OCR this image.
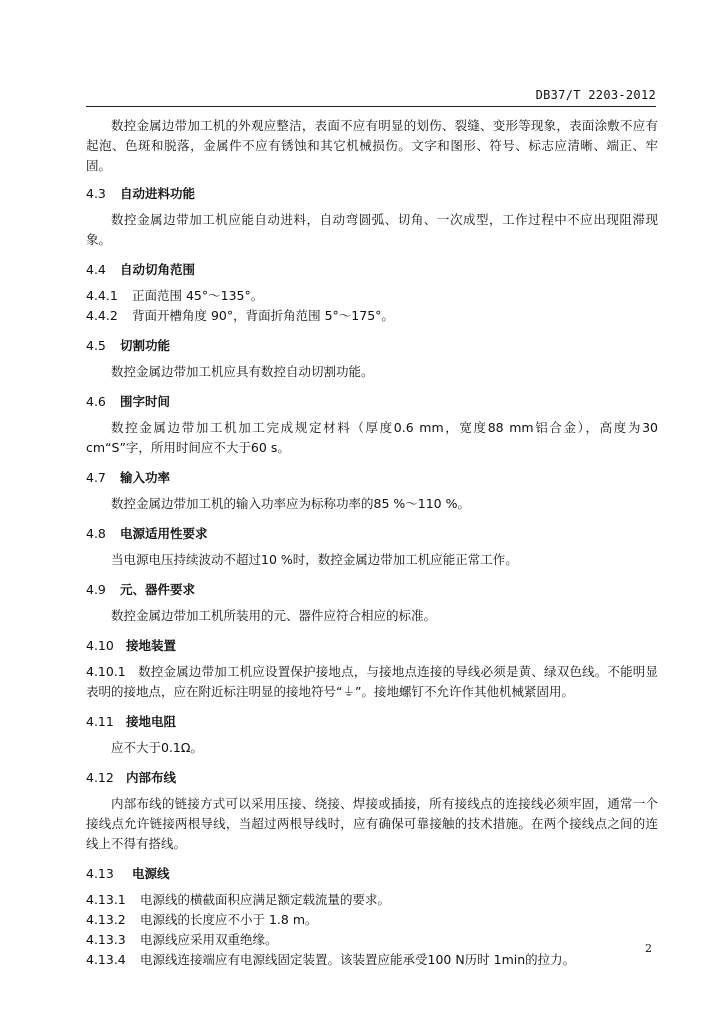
DB37/T 2203-2012

数控金属边带加工机的外观应整洁，表面不应有明显的划伤、裂缝、变形等现象，表面涂敷不应有起泡、色斑和脱落，金属件不应有锈蚀和其它机械损伤。文字和图形、符号、标志应清晰、端正、牢固。

4.3 自动进料功能

数控金属边带加工机应能自动进料，自动弯圆弧、切角、一次成型，工作过程中不应出现阻滞现象。

4.4 自动切角范围

4.4.1 正面范围 45°～135°。

4.4.2 背面开槽角度 90°，背面折角范围 5°～175°。

4.5 切割功能

数控金属边带加工机应具有数控自动切割功能。

4.6 围字时间

数控金属边带加工机加工完成规定材料（厚度0.6 mm，宽度88 mm铝合金），高度为30 cm“S”字，所用时间应不大于60 s。

4.7 输入功率

数控金属边带加工机的输入功率应为标称功率的85 %～110 %。

4.8 电源适用性要求

当电源电压持续波动不超过10 %时，数控金属边带加工机应能正常工作。

4.9 元、器件要求

数控金属边带加工机所装用的元、器件应符合相应的标准。

4.10 接地装置

4.10.1 数控金属边带加工机应设置保护接地点，与接地点连接的导线必须是黄、绿双色线。不能明显表明的接地点，应在附近标注明显的接地符号“⏚”。接地螺钉不允许作其他机械紧固用。

4.11 接地电阻

应不大于0.1Ω。

4.12 内部布线

内部布线的链接方式可以采用压接、绕接、焊接或插接，所有接线点的连接线必须牢固，通常一个接线点允许链接两根导线，当超过两根导线时，应有确保可靠接触的技术措施。在两个接线点之间的连线上不得有搭线。

4.13 电源线

4.13.1 电源线的横截面积应满足额定载流量的要求。

4.13.2 电源线的长度应不小于 1.8 m。

4.13.3 电源线应采用双重绝缘。

4.13.4 电源线连接端应有电源线固定装置。该装置应能承受100 N历时 1min的拉力。

2
